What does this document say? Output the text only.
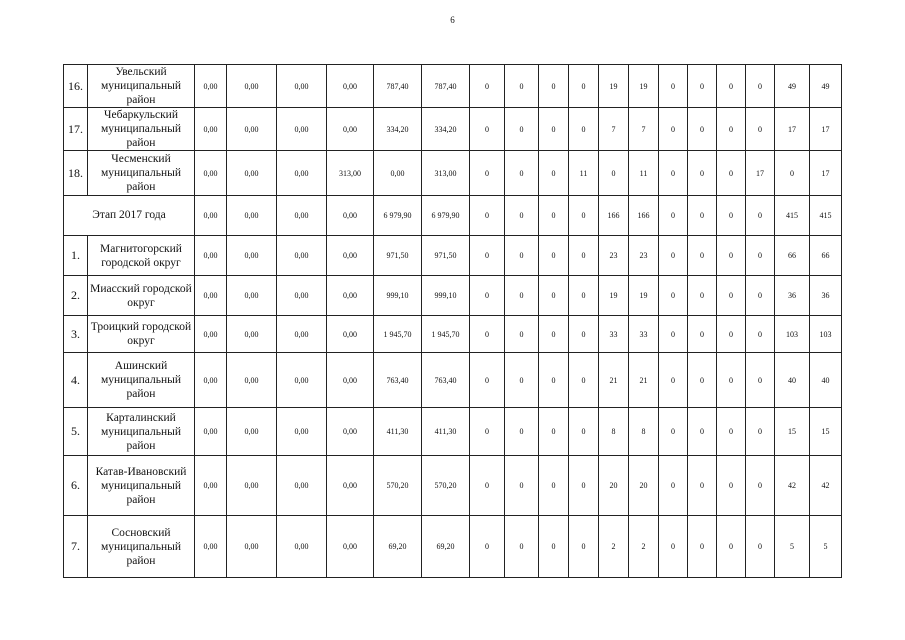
6
16.	Увельский муниципальный район	0,00	0,00	0,00	0,00	787,40	787,40	0	0	0	0	19	19	0	0	0	0	49	49
17.	Чебаркульский муниципальный район	0,00	0,00	0,00	0,00	334,20	334,20	0	0	0	0	7	7	0	0	0	0	17	17
18.	Чесменский муниципальный район	0,00	0,00	0,00	313,00	0,00	313,00	0	0	0	11	0	11	0	0	0	17	0	17
Этап 2017 года		0,00	0,00	0,00	0,00	6 979,90	6 979,90	0	0	0	0	166	166	0	0	0	0	415	415
1.	Магнитогорский городской округ	0,00	0,00	0,00	0,00	971,50	971,50	0	0	0	0	23	23	0	0	0	0	66	66
2.	Миасский городской округ	0,00	0,00	0,00	0,00	999,10	999,10	0	0	0	0	19	19	0	0	0	0	36	36
3.	Троицкий городской округ	0,00	0,00	0,00	0,00	1 945,70	1 945,70	0	0	0	0	33	33	0	0	0	0	103	103
4.	Ашинский муниципальный район	0,00	0,00	0,00	0,00	763,40	763,40	0	0	0	0	21	21	0	0	0	0	40	40
5.	Карталинский муниципальный район	0,00	0,00	0,00	0,00	411,30	411,30	0	0	0	0	8	8	0	0	0	0	15	15
6.	Катав-Ивановский муниципальный район	0,00	0,00	0,00	0,00	570,20	570,20	0	0	0	0	20	20	0	0	0	0	42	42
7.	Сосновский муниципальный район	0,00	0,00	0,00	0,00	69,20	69,20	0	0	0	0	2	2	0	0	0	0	5	5
